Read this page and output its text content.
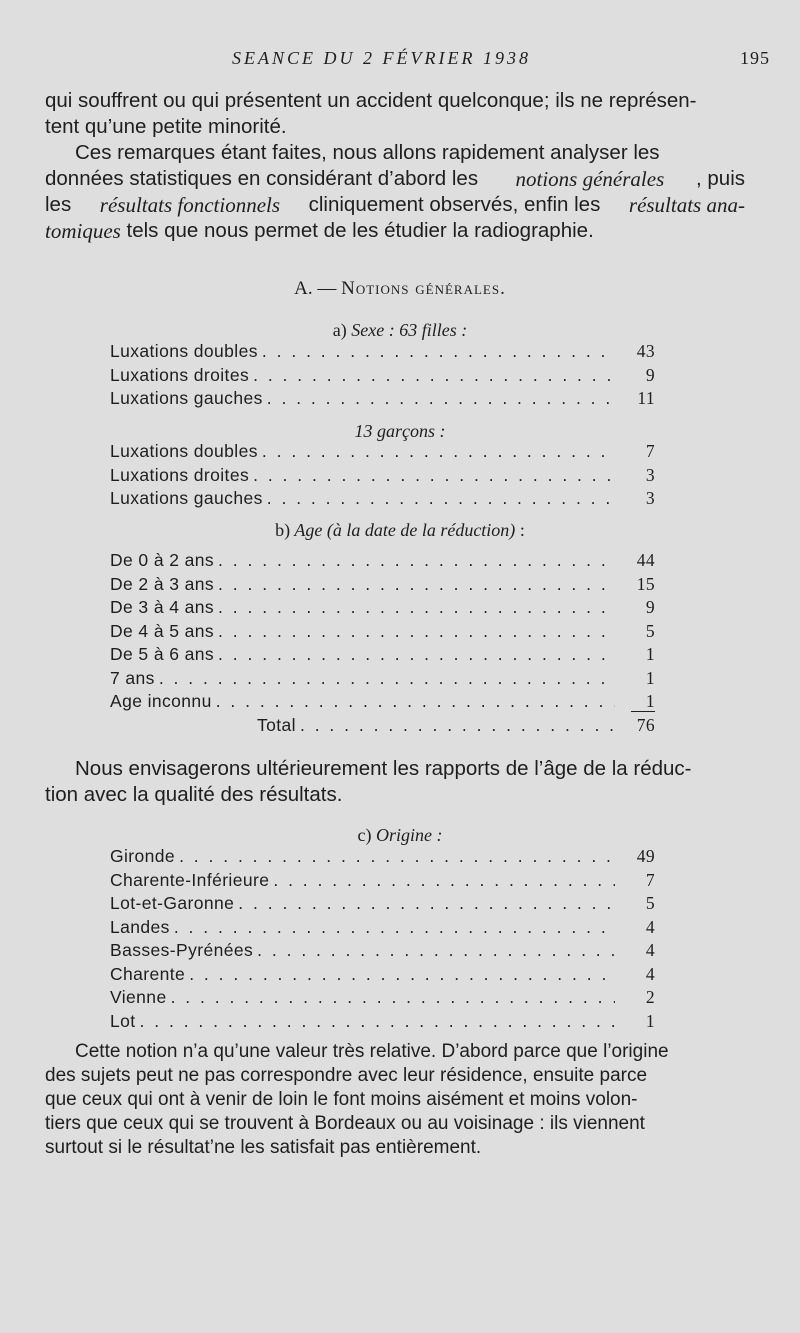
SEANCE DU 2 FÉVRIER 1938	195
qui souffrent ou qui présentent un accident quelconque; ils ne représen-
tent qu’une petite minorité.
Ces remarques étant faites, nous allons rapidement analyser les
données statistiques en considérant d’abord les notions générales , puis
les résultats fonctionnels cliniquement observés, enfin les résultats ana-
tomiques tels que nous permet de les étudier la radiographie.
A. — Notions générales.
a) Sexe : 63 filles :
Luxations doubles . . .	43
Luxations droites . . .	9
Luxations gauches . . .	11
13 garçons :
Luxations doubles . . .	7
Luxations droites . . .	3
Luxations gauches . . .	3
b) Age (à la date de la réduction) :
De 0 à 2 ans . . .	44
De 2 à 3 ans . . .	15
De 3 à 4 ans . . .	9
De 4 à 5 ans . . .	5
De 5 à 6 ans . . .	1
7 ans . . .	1
Age inconnu . . .	1
Total . . .	76
Nous envisagerons ultérieurement les rapports de l’âge de la réduc-
tion avec la qualité des résultats.
c) Origine :
Gironde . . .	49
Charente-Inférieure . . .	7
Lot-et-Garonne . . .	5
Landes . . .	4
Basses-Pyrénées . . .	4
Charente . . .	4
Vienne . . .	2
Lot . . .	1
Cette notion n’a qu’une valeur très relative. D’abord parce que l’origine
des sujets peut ne pas correspondre avec leur résidence, ensuite parce
que ceux qui ont à venir de loin le font moins aisément et moins volon-
tiers que ceux qui se trouvent à Bordeaux ou au voisinage : ils viennent
surtout si le résultat’ne les satisfait pas entièrement.
